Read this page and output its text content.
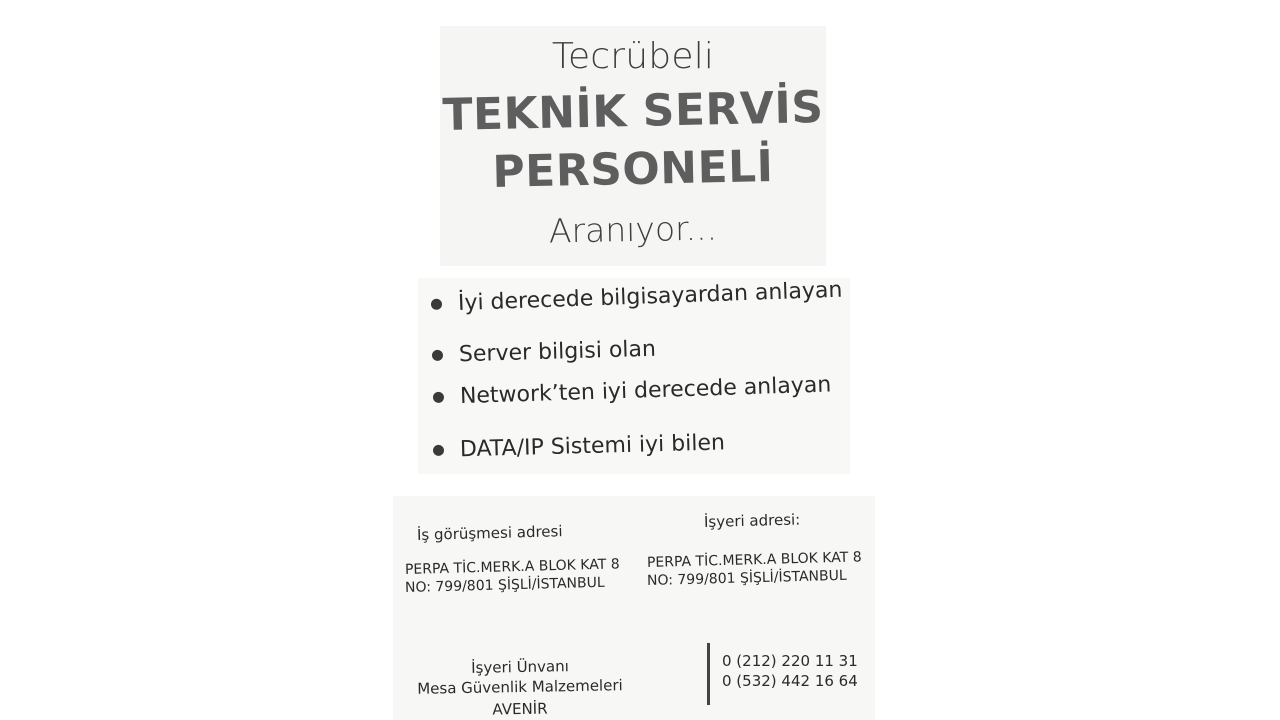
Tecrübeli
TEKNİK SERVİS
PERSONELİ
Aranıyor...
İyi derecede bilgisayardan anlayan
Server bilgisi olan
Network’ten iyi derecede anlayan
DATA/IP Sistemi iyi bilen
İş görüşmesi adresi
PERPA TİC.MERK.A BLOK KAT 8
NO: 799/801 ŞİŞLİ/İSTANBUL
İşyeri adresi:
PERPA TİC.MERK.A BLOK KAT 8
NO: 799/801 ŞİŞLİ/İSTANBUL
İşyeri Ünvanı
Mesa Güvenlik Malzemeleri
AVENİR
0 (212) 220 11 31
0 (532) 442 16 64
